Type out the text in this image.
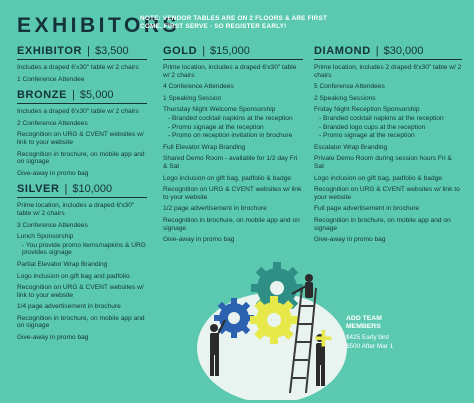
EXHIBITORS
NOTE: VENDOR TABLES ARE ON 2 FLOORS & ARE FIRST COME, FIRST SERVE - SO REGISTER EARLY!
EXHIBITOR | $3,500
Includes a draped 6'x30" table w/ 2 chairs
1 Conference Attendee
BRONZE | $5,000
Includes a draped 6'x30" table w/ 2 chairs
2 Conference Attendees
Recognition on URG & CVENT websites w/ link to your website
Recognition in brochure, on mobile app and on signage
Give-away in promo bag
SILVER | $10,000
Prime location, includes a draped 6'x30" table w/ 2 chairs
3 Conference Attendees
Lunch Sponsorship
- You provide promo items/napkins & URG provides signage
Partial Elevator Wrap Branding
Logo inclusion on gift bag and padfolio
Recognition on URG & CVENT websites w/ link to your website
1/4 page advertisement in brochure
Recognition in brochure, on mobile app and on signage
Give-away in promo bag
GOLD | $15,000
Prime location, includes a draped 6'x30" table w/ 2 chairs
4 Conference Attendees
1 Speaking Session
Thursday Night Welcome Sponsorship
- Branded cocktail napkins at the reception
- Promo signage at the reception
- Promo on reception invitation in brochure
Full Elevator Wrap Branding
Shared Demo Room - available for 1/2 day Fri & Sat
Logo inclusion on gift bag, padfolio & badge
Recognition on URG & CVENT websites w/ link to your website
1/2 page advertisement in brochure
Recognition in brochure, on mobile app and on signage
Give-away in promo bag
DIAMOND | $30,000
Prime location, includes 2 draped 6'x30" table w/ 2 chairs
5 Conference Attendees
2 Speaking Sessions
Friday Night Reception Sponsorship
- Branded cocktail napkins at the reception
- Branded logo cups at the reception
- Promo signage at the reception
Escalator Wrap Branding
Private Demo Room during session hours Fri & Sat
Logo inclusion on gift bag, padfolio & badge
Recognition on URG & CVENT websites w/ link to your website
Full page advertisement in brochure
Recognition in brochure, on mobile app and on signage
Give-away in promo bag
+
ADD TEAM
MEMBERS
$425 Early bird
$500 After Mar 1
